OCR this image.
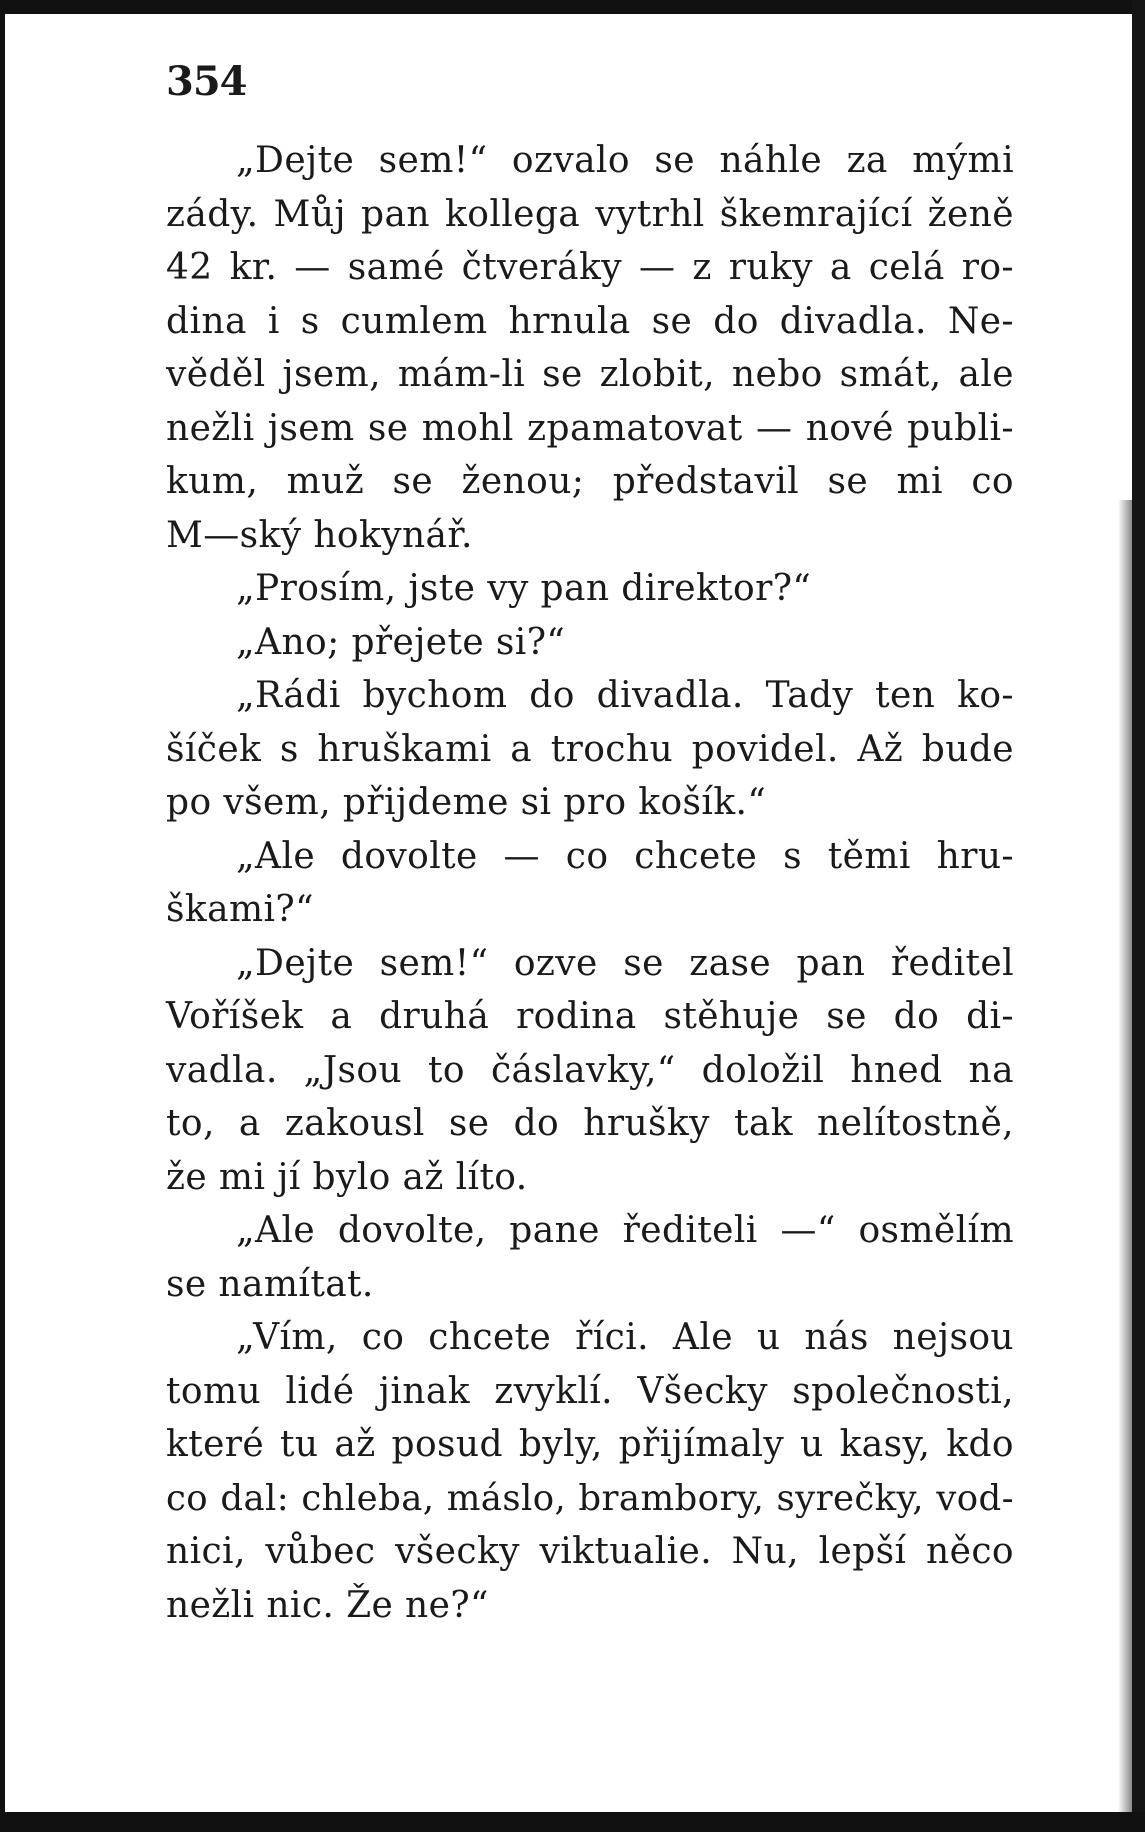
354
„Dejte sem!“ ozvalo se náhle za mými
zády. Můj pan kollega vytrhl škemrající ženě
42 kr. — samé čtveráky — z ruky a celá ro-
dina i s cumlem hrnula se do divadla. Ne-
věděl jsem, mám-li se zlobit, nebo smát, ale
nežli jsem se mohl zpamatovat — nové publi-
kum, muž se ženou; představil se mi co
M—ský hokynář.
„Prosím, jste vy pan direktor?“
„Ano; přejete si?“
„Rádi bychom do divadla. Tady ten ko-
šíček s hruškami a trochu povidel. Až bude
po všem, přijdeme si pro košík.“
„Ale dovolte — co chcete s těmi hru-
škami?“
„Dejte sem!“ ozve se zase pan ředitel
Voříšek a druhá rodina stěhuje se do di-
vadla. „Jsou to čáslavky,“ doložil hned na
to, a zakousl se do hrušky tak nelítostně,
že mi jí bylo až líto.
„Ale dovolte, pane řediteli —“ osmělím
se namítat.
„Vím, co chcete říci. Ale u nás nejsou
tomu lidé jinak zvyklí. Všecky společnosti,
které tu až posud byly, přijímaly u kasy, kdo
co dal: chleba, máslo, brambory, syrečky, vod-
nici, vůbec všecky viktualie. Nu, lepší něco
nežli nic. Že ne?“
